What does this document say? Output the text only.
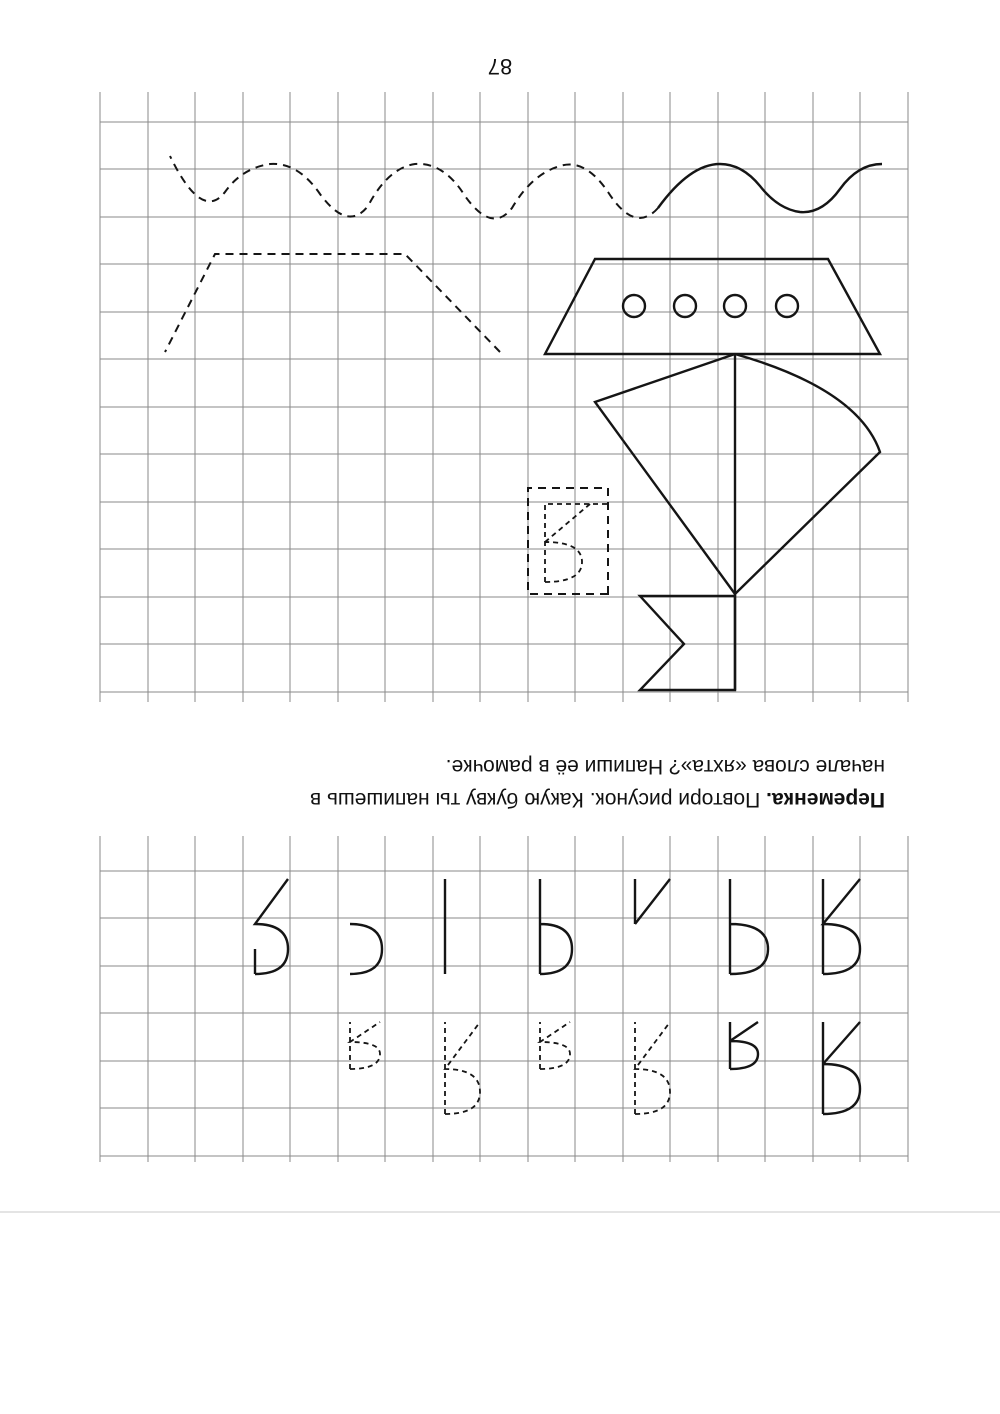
87
Переменка. Повтори рисунок. Какую букву ты напишешь в
начале слова «яхта»? Напиши её в рамочке.
